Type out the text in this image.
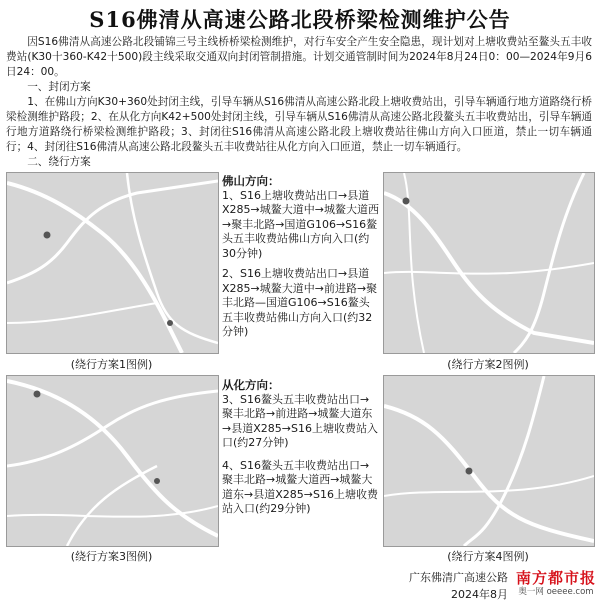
S16佛清从高速公路北段桥梁检测维护公告

因S16佛清从高速公路北段铺锦三号主线桥桥梁检测维护，对行车安全产生安全隐患，现计划对上塘收费站至鳌头五丰收费站(K30十360-K42十500)段主线采取交通双向封闭管制措施。计划交通管制时间为2024年8月24日0：00—2024年9月6日24：00。

一、封闭方案

1、在佛山方向K30+360处封闭主线，引导车辆从S16佛清从高速公路北段上塘收费站出，引导车辆通行地方道路绕行桥梁检测维护路段；2、在从化方向K42+500处封闭主线，引导车辆从S16佛清从高速公路北段鳌头五丰收费站出，引导车辆通行地方道路绕行桥梁检测维护路段；3、封闭往S16佛清从高速公路北段上塘收费站往佛山方向入口匝道，禁止一切车辆通行；4、封闭往S16佛清从高速公路北段鳌头五丰收费站往从化方向入口匝道，禁止一切车辆通行。

二、绕行方案

(绕行方案1图例)	(绕行方案2图例)
(绕行方案3图例)	(绕行方案4图例)

佛山方向：

1、S16上塘收费站出口→县道X285→城鳌大道中→城鳌大道西→聚丰北路→国道G106→S16鳌头五丰收费站佛山方向入口(约30分钟)

2、S16上塘收费站出口→县道X285→城鳌大道中→前进路→聚丰北路—国道G106→S16鳌头五丰收费站佛山方向入口(约32分钟)

从化方向：

3、S16鳌头五丰收费站出口→聚丰北路→前进路→城鳌大道东→县道X285→S16上塘收费站入口(约27分钟)

4、S16鳌头五丰收费站出口→聚丰北路→城鳌大道西→城鳌大道东→县道X285→S16上塘收费站入口(约29分钟)

广东佛清广高速公路
2024年8月
南方都市报
奥一网 oeeee.com
